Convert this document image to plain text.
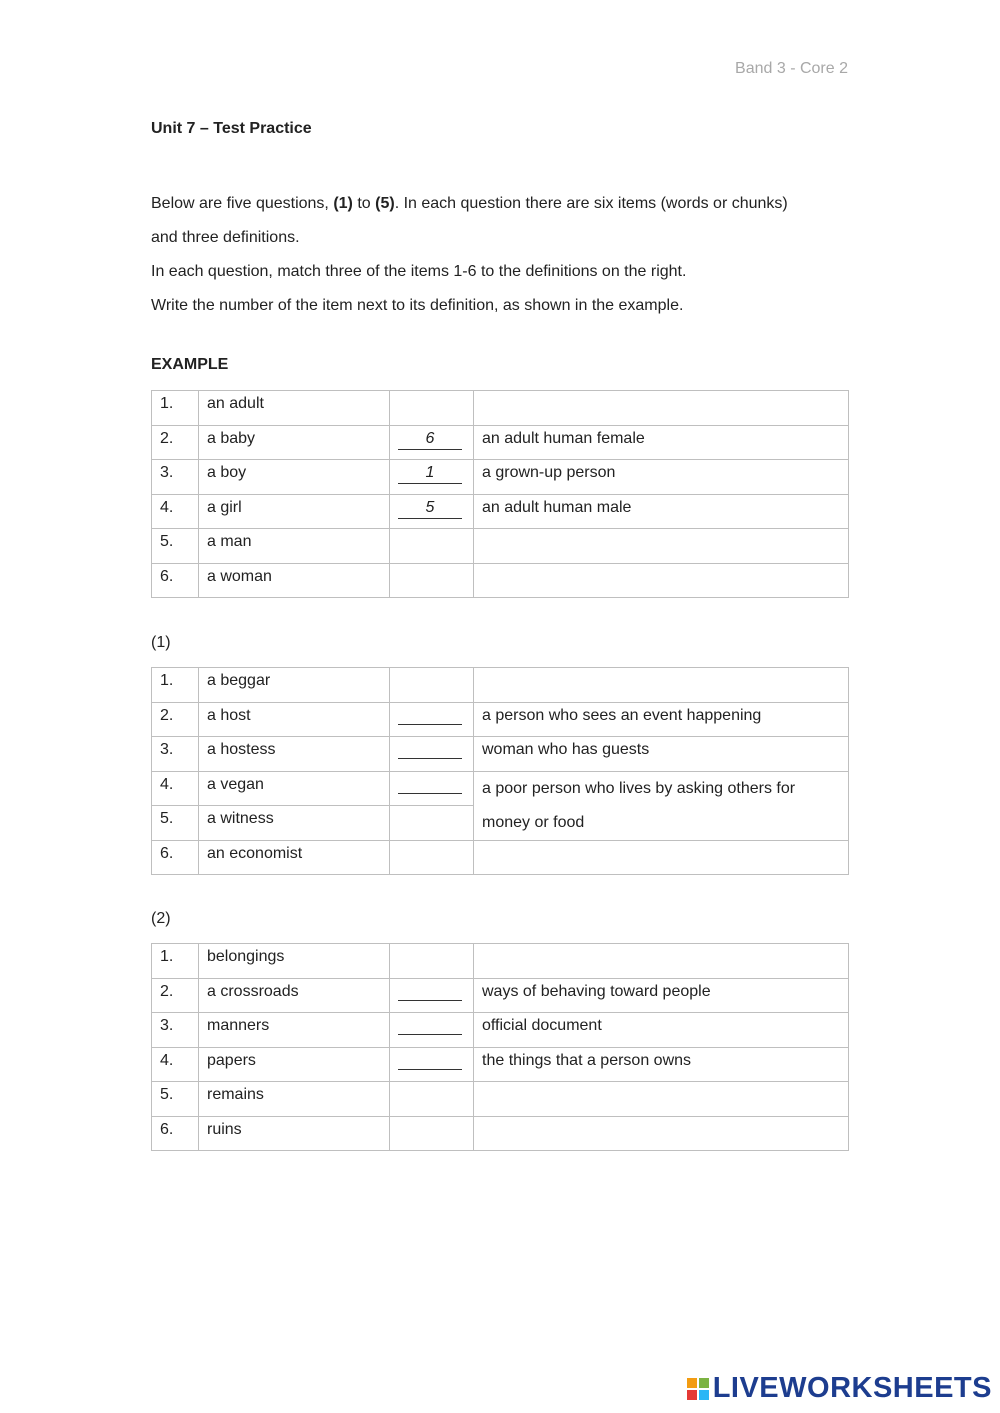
Band 3 - Core 2
Unit 7 – Test Practice

Below are five questions, (1) to (5). In each question there are six items (words or chunks)

and three definitions.

In each question, match three of the items 1-6 to the definitions on the right.

Write the number of the item next to its definition, as shown in the example.

EXAMPLE
1.	an adult		
2.	a baby	6	an adult human female
3.	a boy	1	a grown-up person
4.	a girl	5	an adult human male
5.	a man		
6.	a woman		
(1)
1.	a beggar		
2.	a host		a person who sees an event happening
3.	a hostess		woman who has guests
4.	a vegan		a poor person who lives by asking others for
money or food
5.	a witness		
6.	an economist		
(2)
1.	belongings		
2.	a crossroads		ways of behaving toward people
3.	manners		official document
4.	papers		the things that a person owns
5.	remains		
6.	ruins		
LIVEWORKSHEETS
